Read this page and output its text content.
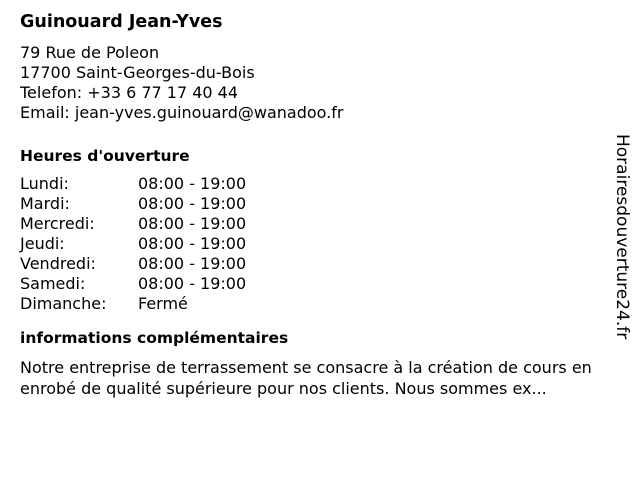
Guinouard Jean-Yves
79 Rue de Poleon
17700 Saint-Georges-du-Bois
Telefon: +33 6 77 17 40 44
Email: jean-yves.guinouard@wanadoo.fr
Heures d'ouverture
Lundi:	08:00 - 19:00
Mardi:	08:00 - 19:00
Mercredi:	08:00 - 19:00
Jeudi:	08:00 - 19:00
Vendredi:	08:00 - 19:00
Samedi:	08:00 - 19:00
Dimanche:	Fermé
informations complémentaires
Notre entreprise de terrassement se consacre à la création de cours en enrobé de qualité supérieure pour nos clients. Nous sommes ex...
Horairesdouverture24.fr
